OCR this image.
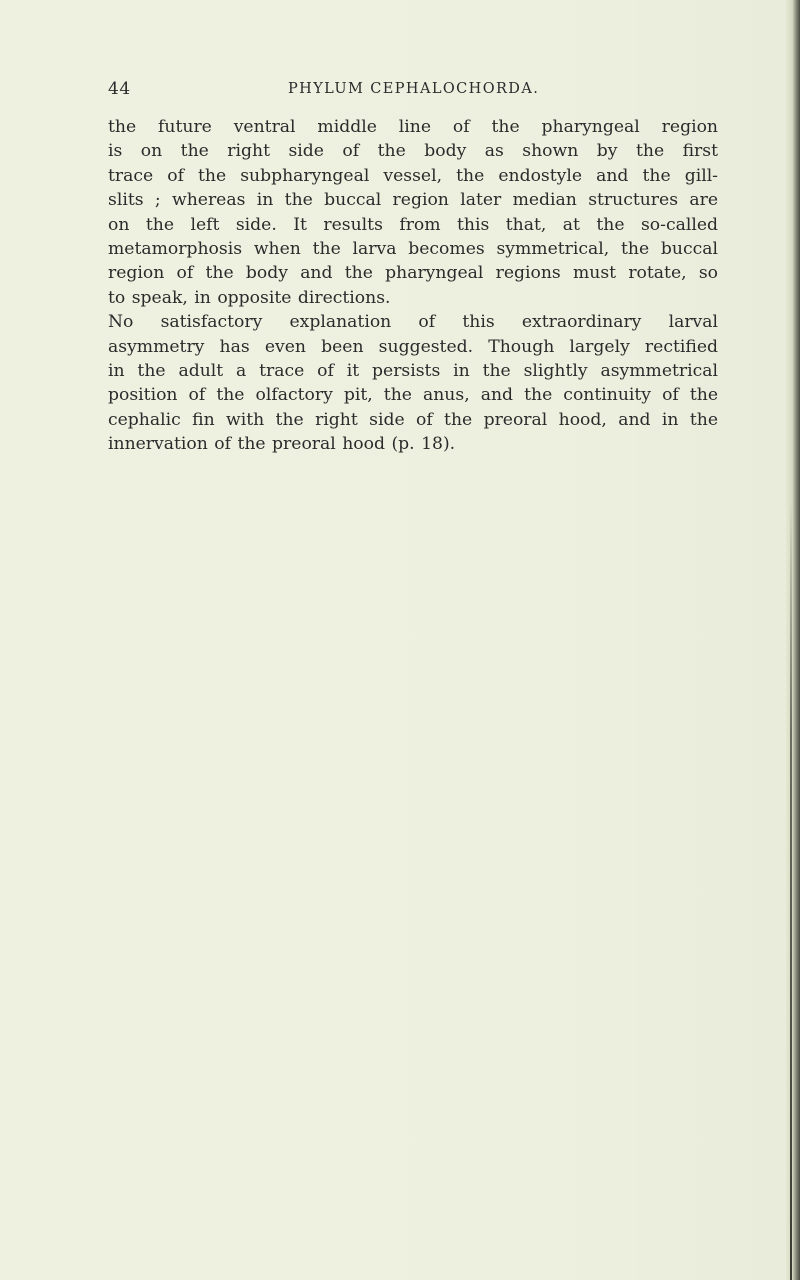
44	PHYLUM CEPHALOCHORDA.
the future ventral middle line of the pharyngeal region
is on the right side of the body as shown by the first
trace of the subpharyngeal vessel, the endostyle and the gill-
slits ; whereas in the buccal region later median structures are
on the left side. It results from this that, at the so-called
metamorphosis when the larva becomes symmetrical, the buccal
region of the body and the pharyngeal regions must rotate, so
to speak, in opposite directions.
No satisfactory explanation of this extraordinary larval
asymmetry has even been suggested. Though largely rectified
in the adult a trace of it persists in the slightly asymmetrical
position of the olfactory pit, the anus, and the continuity of the
cephalic fin with the right side of the preoral hood, and in the
innervation of the preoral hood (p. 18).
